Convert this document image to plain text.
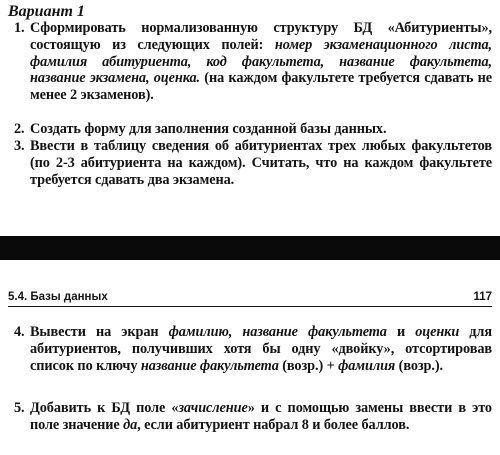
Вариант 1
1. Сформировать нормализованную структуру БД «Абитуриенты», состоящую из следующих полей: номер экзаменационного листа, фамилия абитуриента, код факультета, название факультета, название экзамена, оценка. (на каждом факультете требуется сдавать не менее 2 экзаменов).
2. Создать форму для заполнения созданной базы данных.
3. Ввести в таблицу сведения об абитуриентах трех любых факультетов (по 2-3 абитуриента на каждом). Считать, что на каждом факультете требуется сдавать два экзамена.
5.4. Базы данных	117
4. Вывести на экран фамилию, название факультета и оценки для абитуриентов, получивших хотя бы одну «двойку», отсортировав список по ключу название факультета (возр.) + фамилия (возр.).
5. Добавить к БД поле «зачисление» и с помощью замены ввести в это поле значение да, если абитуриент набрал 8 и более баллов.
